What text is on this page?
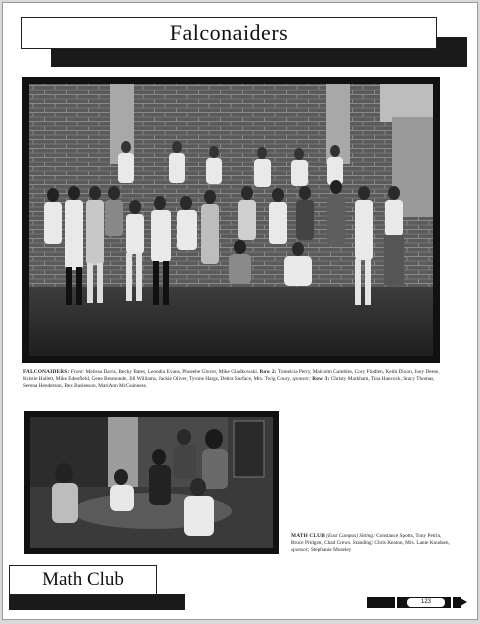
Falconaiders
FALCONAIDERS: Front: Melissa Davis, Becky Bates, Leondra Evans, Phoeebe Glover, Mike Gladkowski. Row 2: Tomeicia Perry, Malcolm Gambles, Cory Flodlen, Keith Dixon, Joey Deese, Kristie Hallett, Mike Edenfield, Gene Besmonde, Jill Williams, Jackie Oliver, Tyrone Hargs, Debra Surface, Mrs. Twig Coury, sponsor; Row 3: Christy Markham, Tina Hancock, Stacy Thomas, Serena Henderson, Bex Basleeson, MariAnn McGuinness.
MATH CLUB (East Campus) Sitting: Constance Spotts, Tony Petrin, Bruce Pridgen, Chad Crews. Standing: Chris Keaton, Mrs. Lanie Knudsen, sponsor; Stephanie Moseley
Math Club
123
